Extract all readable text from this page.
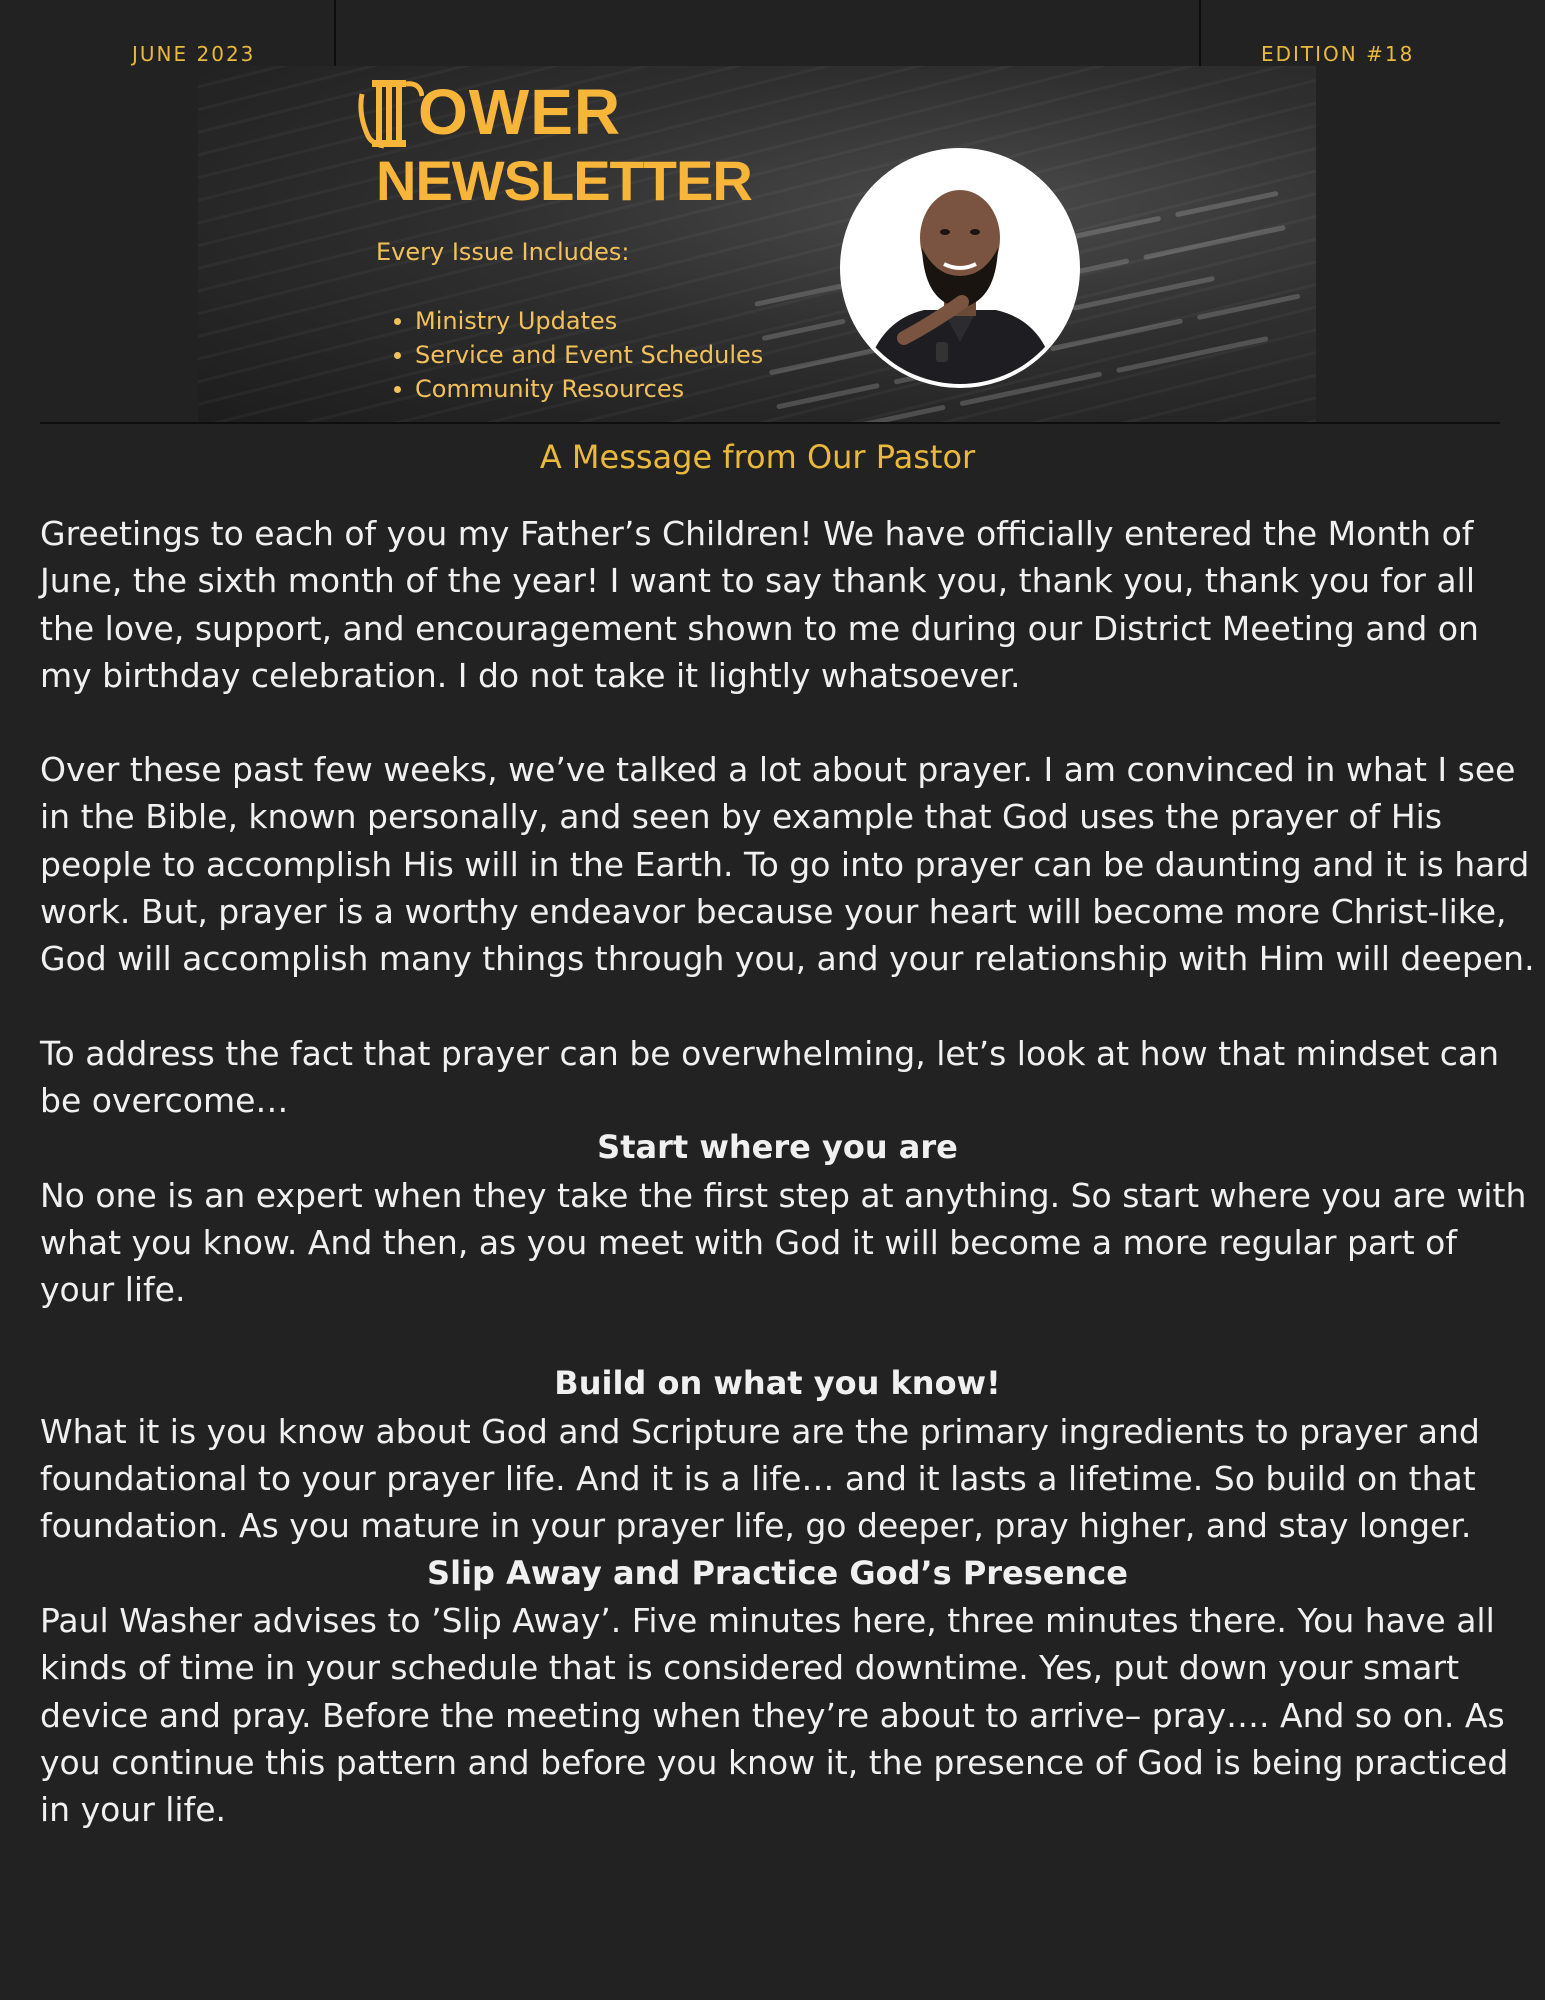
JUNE 2023	EDITION #18
OWER
NEWSLETTER
Every Issue Includes:
Ministry Updates
Service and Event Schedules
Community Resources
A Message from Our Pastor

Greetings to each of you my Father’s Children! We have officially entered the Month of June, the sixth month of the year! I want to say thank you, thank you, thank you for all the love, support, and encouragement shown to me during our District Meeting and on my birthday celebration. I do not take it lightly whatsoever.

Over these past few weeks, we’ve talked a lot about prayer. I am convinced in what I see in the Bible, known personally, and seen by example that God uses the prayer of His people to accomplish His will in the Earth. To go into prayer can be daunting and it is hard work. But, prayer is a worthy endeavor because your heart will become more Christ-like, God will accomplish many things through you, and your relationship with Him will deepen.

To address the fact that prayer can be overwhelming, let’s look at how that mindset can be overcome…

Start where you are

No one is an expert when they take the first step at anything. So start where you are with what you know. And then, as you meet with God it will become a more regular part of your life.

Build on what you know!

What it is you know about God and Scripture are the primary ingredients to prayer and foundational to your prayer life. And it is a life… and it lasts a lifetime. So build on that foundation. As you mature in your prayer life, go deeper, pray higher, and stay longer.

Slip Away and Practice God’s Presence

Paul Washer advises to ’Slip Away’. Five minutes here, three minutes there. You have all kinds of time in your schedule that is considered downtime. Yes, put down your smart device and pray. Before the meeting when they’re about to arrive– pray…. And so on. As you continue this pattern and before you know it, the presence of God is being practiced in your life.
